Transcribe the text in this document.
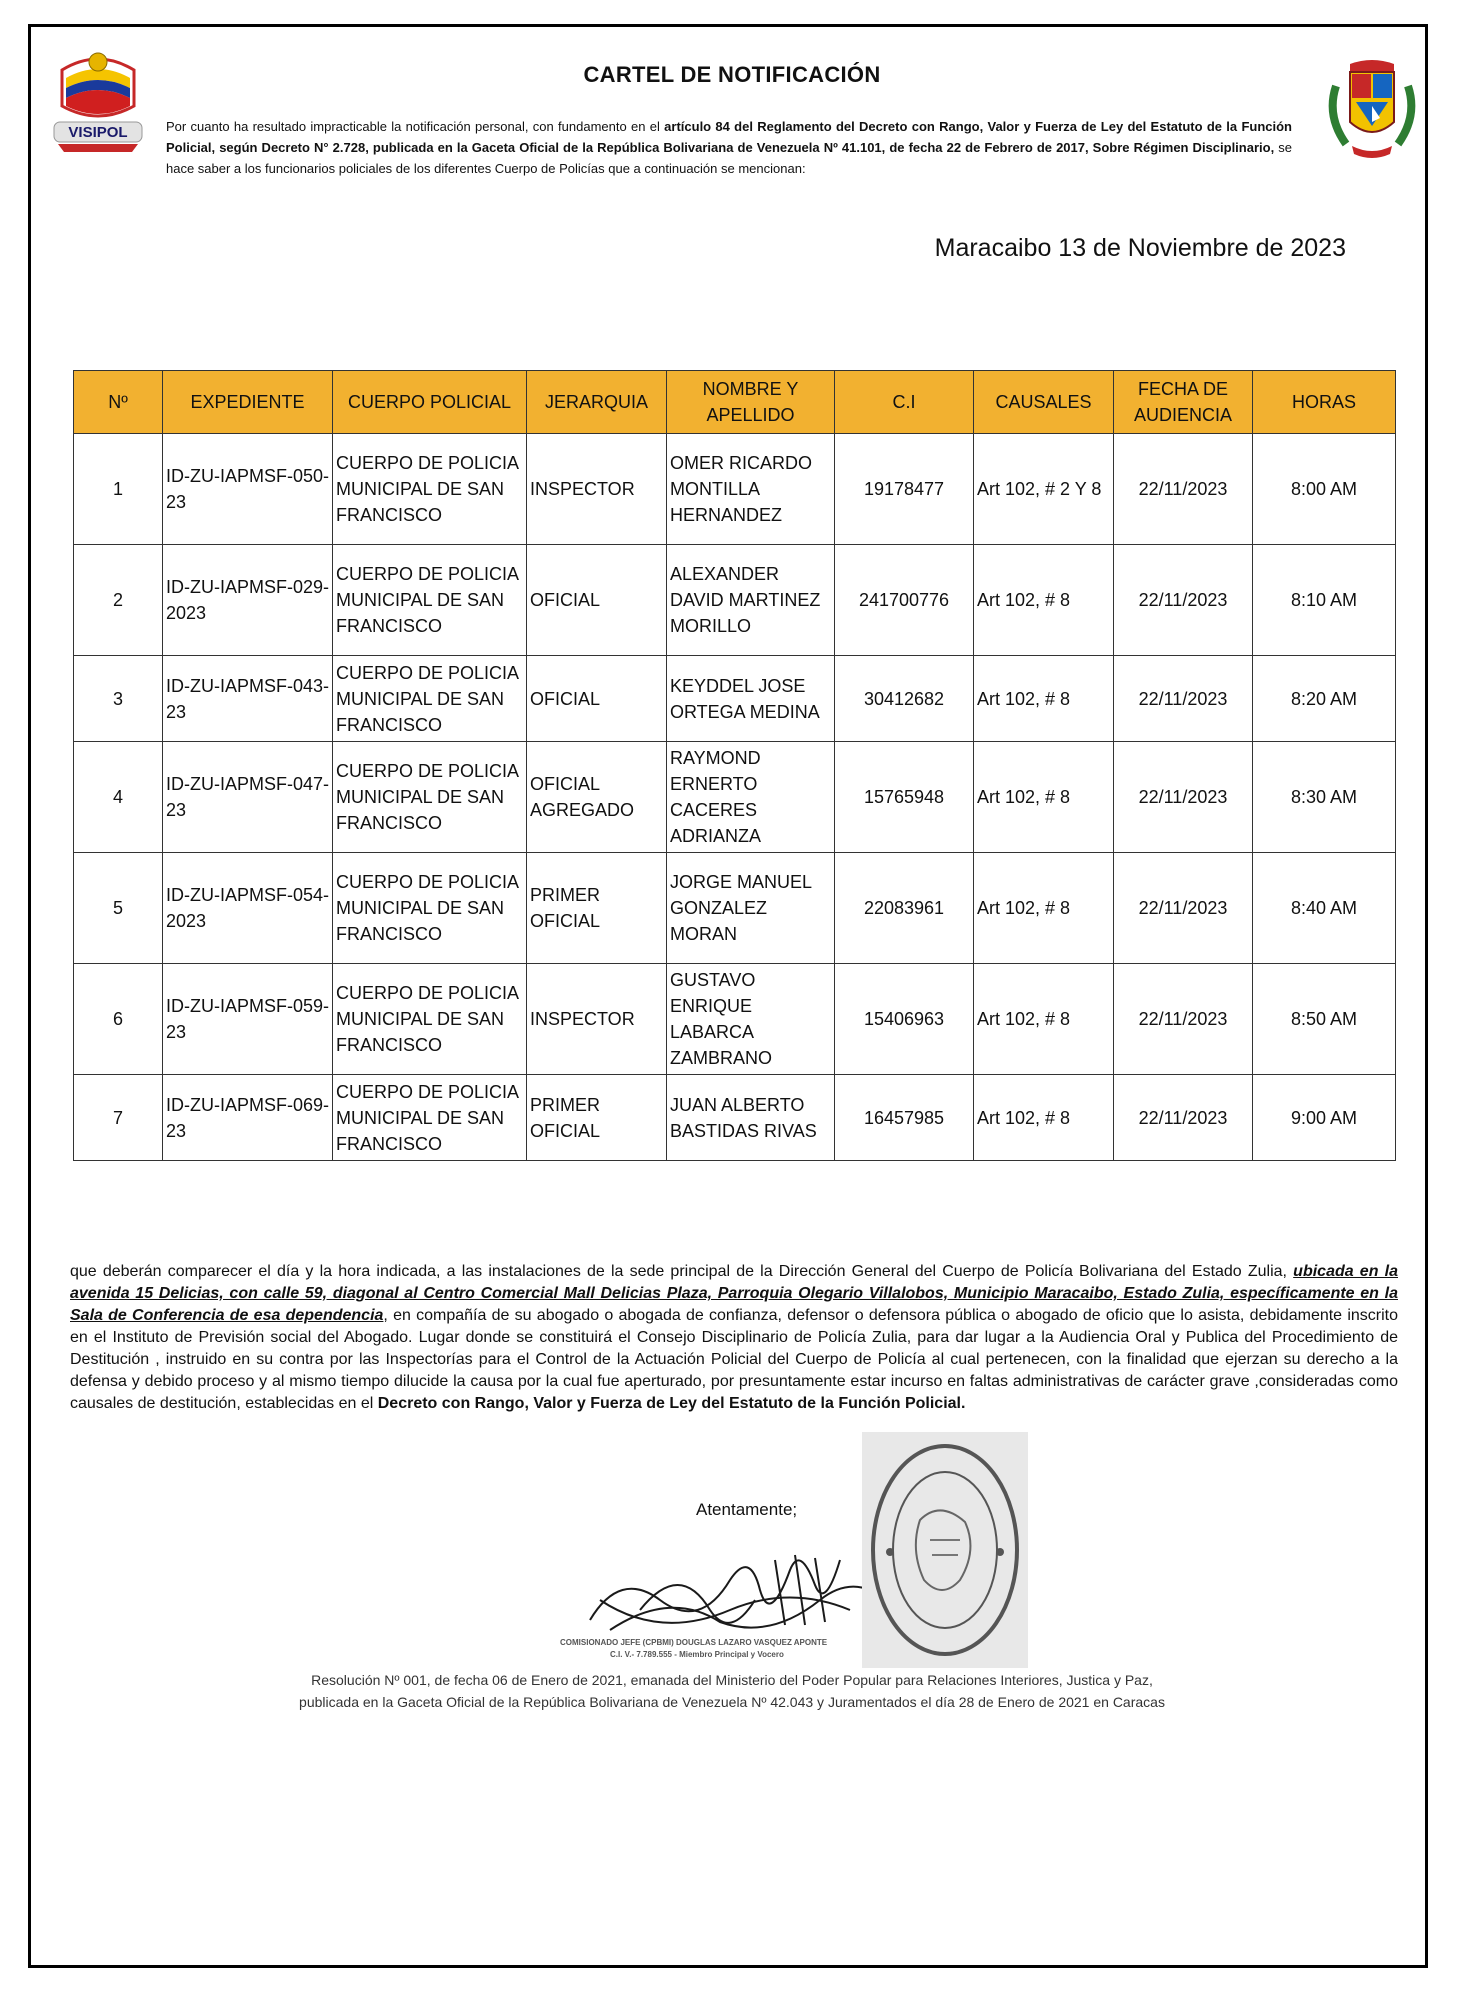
VISIPOL
CARTEL DE NOTIFICACIÓN
Por cuanto ha resultado impracticable la notificación personal, con fundamento en el artículo 84 del Reglamento del Decreto con Rango, Valor y Fuerza de Ley del Estatuto de la Función Policial, según Decreto N° 2.728, publicada en la Gaceta Oficial de la República Bolivariana de Venezuela Nº 41.101, de fecha 22 de Febrero de 2017, Sobre Régimen Disciplinario, se hace saber a los funcionarios policiales de los diferentes Cuerpo de Policías que a continuación se mencionan:
Maracaibo 13 de Noviembre de 2023
Nº	EXPEDIENTE	CUERPO POLICIAL	JERARQUIA	NOMBRE Y APELLIDO	C.I	CAUSALES	FECHA DE AUDIENCIA	HORAS
1	ID-ZU-IAPMSF-050-23	CUERPO DE POLICIA MUNICIPAL DE SAN FRANCISCO	INSPECTOR	OMER RICARDO MONTILLA HERNANDEZ	19178477	Art 102, # 2 Y 8	22/11/2023	8:00 AM
2	ID-ZU-IAPMSF-029-2023	CUERPO DE POLICIA MUNICIPAL DE SAN FRANCISCO	OFICIAL	ALEXANDER DAVID MARTINEZ MORILLO	241700776	Art 102, # 8	22/11/2023	8:10 AM
3	ID-ZU-IAPMSF-043-23	CUERPO DE POLICIA MUNICIPAL DE SAN FRANCISCO	OFICIAL	KEYDDEL JOSE ORTEGA MEDINA	30412682	Art 102, # 8	22/11/2023	8:20 AM
4	ID-ZU-IAPMSF-047-23	CUERPO DE POLICIA MUNICIPAL DE SAN FRANCISCO	OFICIAL AGREGADO	RAYMOND ERNERTO CACERES ADRIANZA	15765948	Art 102, # 8	22/11/2023	8:30 AM
5	ID-ZU-IAPMSF-054-2023	CUERPO DE POLICIA MUNICIPAL DE SAN FRANCISCO	PRIMER OFICIAL	JORGE MANUEL GONZALEZ MORAN	22083961	Art 102, # 8	22/11/2023	8:40 AM
6	ID-ZU-IAPMSF-059-23	CUERPO DE POLICIA MUNICIPAL DE SAN FRANCISCO	INSPECTOR	GUSTAVO ENRIQUE LABARCA ZAMBRANO	15406963	Art 102, # 8	22/11/2023	8:50 AM
7	ID-ZU-IAPMSF-069-23	CUERPO DE POLICIA MUNICIPAL DE SAN FRANCISCO	PRIMER OFICIAL	JUAN ALBERTO BASTIDAS RIVAS	16457985	Art 102, # 8	22/11/2023	9:00 AM
que deberán comparecer el día y la hora indicada, a las instalaciones de la sede principal de la Dirección General del Cuerpo de Policía Bolivariana del Estado Zulia, ubicada en la avenida 15 Delicias, con calle 59, diagonal al Centro Comercial Mall Delicias Plaza, Parroquia Olegario Villalobos, Municipio Maracaibo, Estado Zulia, específicamente en la Sala de Conferencia de esa dependencia, en compañía de su abogado o abogada de confianza, defensor o defensora pública o abogado de oficio que lo asista, debidamente inscrito en el Instituto de Previsión social del Abogado. Lugar donde se constituirá el Consejo Disciplinario de Policía Zulia, para dar lugar a la Audiencia Oral y Publica del Procedimiento de Destitución , instruido en su contra por las Inspectorías para el Control de la Actuación Policial del Cuerpo de Policía al cual pertenecen, con la finalidad que ejerzan su derecho a la defensa y debido proceso y al mismo tiempo dilucide la causa por la cual fue aperturado, por presuntamente estar incurso en faltas administrativas de carácter grave ,consideradas como causales de destitución, establecidas en el Decreto con Rango, Valor y Fuerza de Ley del Estatuto de la Función Policial.
Atentamente;
COMISIONADO JEFE (CPBMI) DOUGLAS LAZARO VASQUEZ APONTE
C.I. V.- 7.789.555 - Miembro Principal y Vocero
Resolución Nº 001, de fecha 06 de Enero de 2021, emanada del Ministerio del Poder Popular para Relaciones Interiores, Justica y Paz,
publicada en la Gaceta Oficial de la República Bolivariana de Venezuela Nº 42.043 y Juramentados el día 28 de Enero de 2021 en Caracas
